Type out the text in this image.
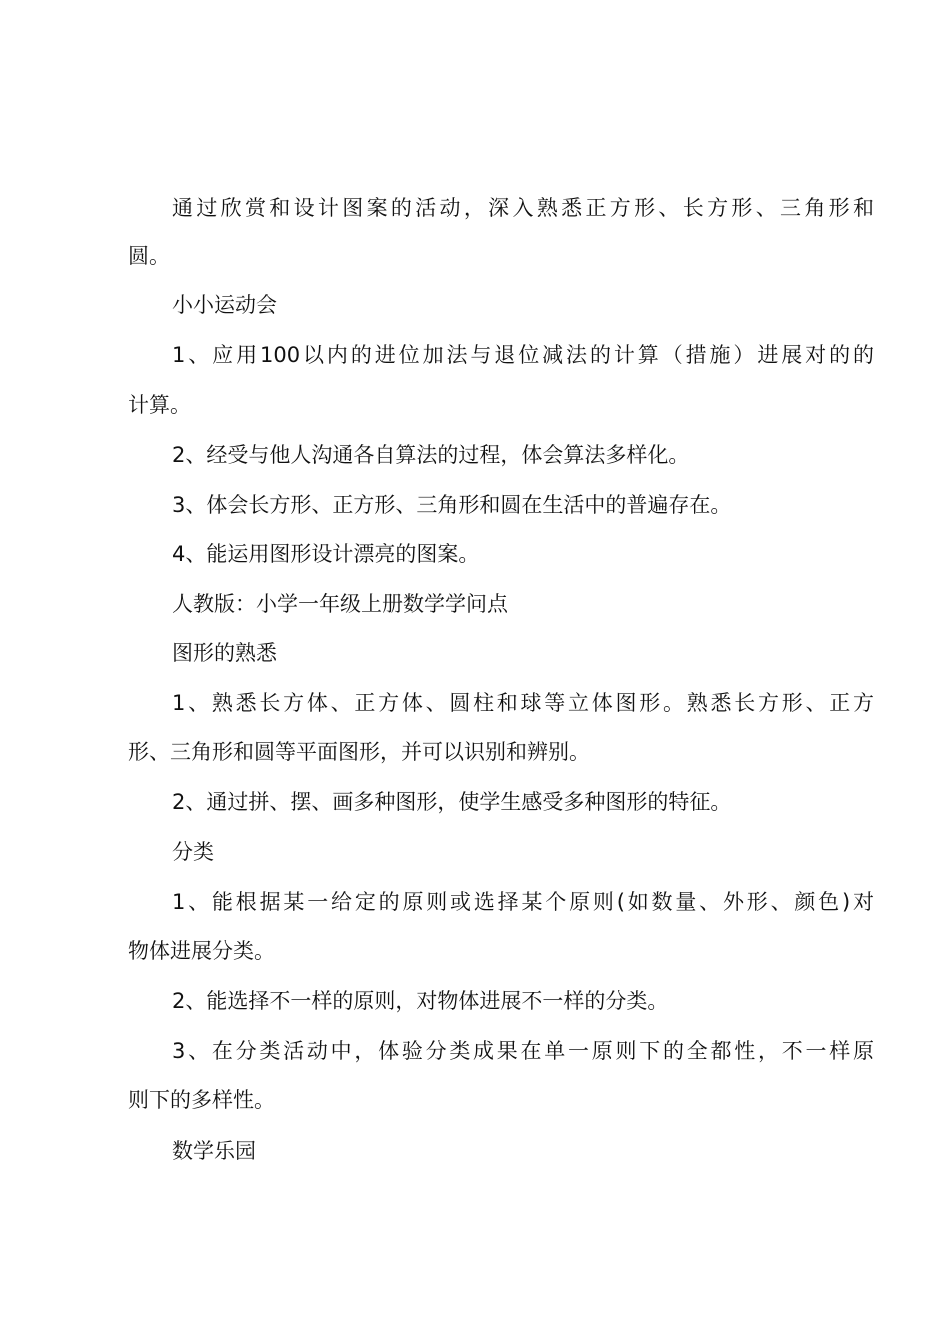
通过欣赏和设计图案的活动，深入熟悉正方形、长方形、三角形和
圆。
小小运动会
1、应用100以内的进位加法与退位减法的计算（措施）进展对的的
计算。
2、经受与他人沟通各自算法的过程，体会算法多样化。
3、体会长方形、正方形、三角形和圆在生活中的普遍存在。
4、能运用图形设计漂亮的图案。
人教版：小学一年级上册数学学问点
图形的熟悉
1、熟悉长方体、正方体、圆柱和球等立体图形。熟悉长方形、正方
形、三角形和圆等平面图形，并可以识别和辨别。
2、通过拼、摆、画多种图形，使学生感受多种图形的特征。
分类
1、能根据某一给定的原则或选择某个原则(如数量、外形、颜色)对
物体进展分类。
2、能选择不一样的原则，对物体进展不一样的分类。
3、在分类活动中，体验分类成果在单一原则下的全都性，不一样原
则下的多样性。
数学乐园
